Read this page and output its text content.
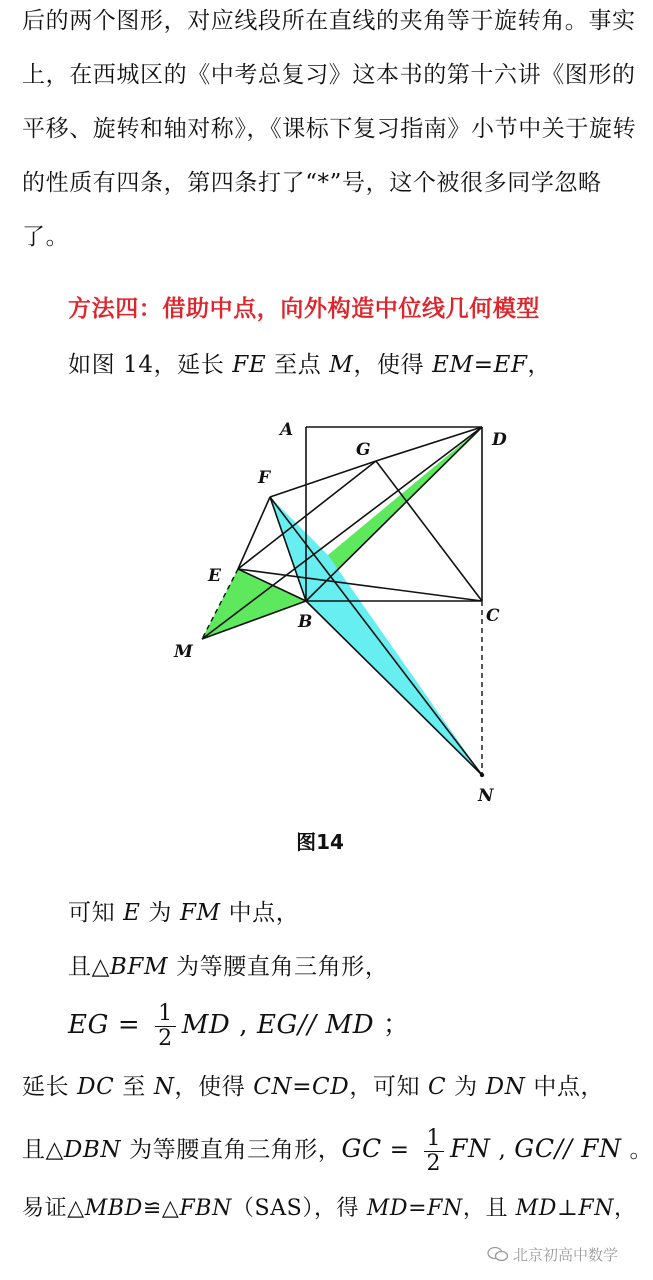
后的两个图形，对应线段所在直线的夹角等于旋转角。事实
上，在西城区的《中考总复习》这本书的第十六讲《图形的
平移、旋转和轴对称》，《课标下复习指南》小节中关于旋转
的性质有四条，第四条打了“*”号，这个被很多同学忽略
了。
方法四：借助中点，向外构造中位线几何模型
如图 14，延长 FE 至点 M，使得 EM=EF，
A
B	C
D
E
F
G
M
N
图14
可知 E 为 FM 中点，
且△BFM 为等腰直角三角形，
EG = $\frac{1}{2}$ MD , EG// MD ；
延长 DC 至 N，使得 CN=CD，可知 C 为 DN 中点，
且△DBN 为等腰直角三角形，GC = $\frac{1}{2}$ FN , GC// FN 。
易证△MBD≌△FBN（SAS），得 MD=FN，且 MD⊥FN，
北京初高中数学
